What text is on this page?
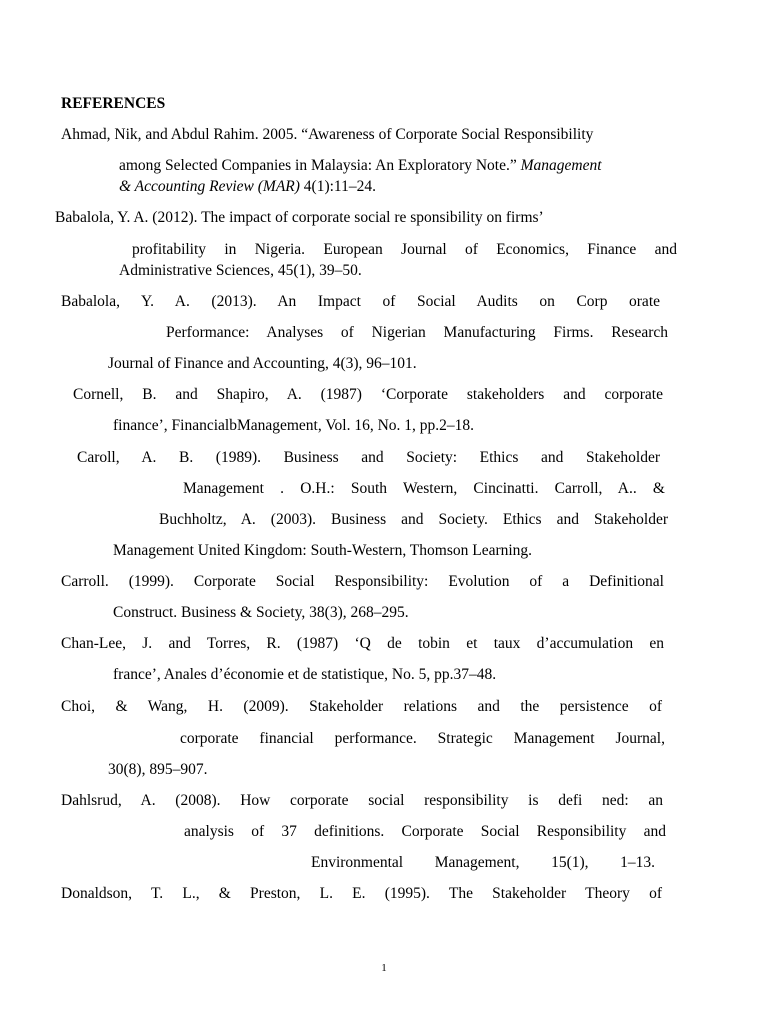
REFERENCES
Ahmad, Nik, and Abdul Rahim. 2005. “Awareness of Corporate Social Responsibility
among Selected Companies in Malaysia: An Exploratory Note.” Management
& Accounting Review (MAR) 4(1):11–24.
Babalola, Y. A. (2012). The impact of corporate social re sponsibility on firms’
profitability in Nigeria. European Journal of Economics, Finance and
Administrative Sciences, 45(1), 39–50.
Babalola, Y. A. (2013). An Impact of Social Audits on Corp orate
Performance: Analyses of Nigerian Manufacturing Firms. Research
Journal of Finance and Accounting, 4(3), 96–101.
Cornell, B. and Shapiro, A. (1987) ‘Corporate stakeholders and corporate
finance’, FinancialbManagement, Vol. 16, No. 1, pp.2–18.
Caroll, A. B. (1989). Business and Society: Ethics and Stakeholder
Management . O.H.: South Western, Cincinatti. Carroll, A.. &
Buchholtz, A. (2003). Business and Society. Ethics and Stakeholder
Management United Kingdom: South-Western, Thomson Learning.
Carroll. (1999). Corporate Social Responsibility: Evolution of a Definitional
Construct. Business & Society, 38(3), 268–295.
Chan-Lee, J. and Torres, R. (1987) ‘Q de tobin et taux d’accumulation en
france’, Anales d’économie et de statistique, No. 5, pp.37–48.
Choi, & Wang, H. (2009). Stakeholder relations and the persistence of
corporate financial performance. Strategic Management Journal,
30(8), 895–907.
Dahlsrud, A. (2008). How corporate social responsibility is defi ned: an
analysis of 37 definitions. Corporate Social Responsibility and
Environmental Management, 15(1), 1–13.
Donaldson, T. L., & Preston, L. E. (1995). The Stakeholder Theory of
1
